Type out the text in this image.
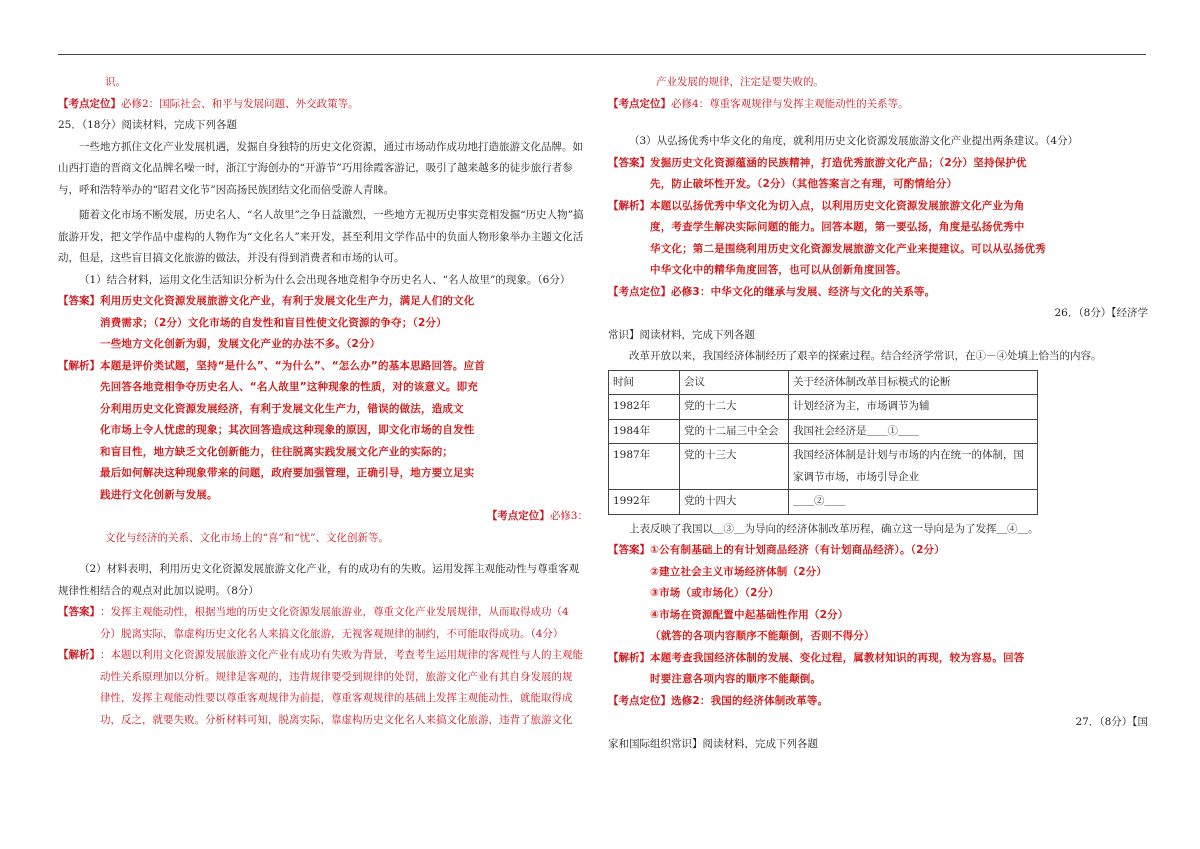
识。

【考点定位】必修2：国际社会、和平与发展问题、外交政策等。

25．（18分）阅读材料，完成下列各题

一些地方抓住文化产业发展机遇，发掘自身独特的历史文化资源，通过市场动作成功地打造旅游文化品牌。如山西打造的晋商文化品牌名噪一时，浙江宁海创办的“开游节”巧用徐霞客游记，吸引了越来越多的徒步旅行者参与，呼和浩特举办的“昭君文化节”因高扬民族团结文化而倍受游人青睐。

随着文化市场不断发展，历史名人、“名人故里”之争日益激烈，一些地方无视历史事实竞相发掘“历史人物”搞旅游开发，把文学作品中虚构的人物作为“文化名人”来开发，甚至利用文学作品中的负面人物形象举办主题文化活动，但是，这些盲目搞文化旅游的做法，并没有得到消费者和市场的认可。

（1）结合材料，运用文化生活知识分析为什么会出现各地竞相争夺历史名人、“名人故里”的现象。（6分）

【答案】 利用历史文化资源发展旅游文化产业，有利于发展文化生产力，满足人们的文化

消费需求；（2分）文化市场的自发性和盲目性使文化资源的争夺；（2分）

一些地方文化创新为弱，发展文化产业的办法不多。（2分）

【解析】 本题是评价类试题，坚持“是什么”、“为什么”、“怎么办”的基本思路回答。应首

先回答各地竞相争夺历史名人、“名人故里”这种现象的性质，对的该意义。即充

分利用历史文化资源发展经济，有利于发展文化生产力，错误的做法，造成文

化市场上令人忧虑的现象；其次回答造成这种现象的原因，即文化市场的自发性

和盲目性，地方缺乏文化创新能力，往往脱离实践发展文化产业的实际的；

最后如何解决这种现象带来的问题，政府要加强管理，正确引导，地方要立足实

践进行文化创新与发展。

【考点定位】必修3：

文化与经济的关系、文化市场上的“喜”和“忧”、文化创新等。

（2）材料表明，利用历史文化资源发展旅游文化产业，有的成功有的失败。运用发挥主观能动性与尊重客观规律性相结合的观点对此加以说明。（8分）

【答案】 ：发挥主观能动性，根据当地的历史文化资源发展旅游业，尊重文化产业发展规律，从而取得成功（4

分）脱离实际，靠虚构历史文化名人来搞文化旅游，无视客观规律的制约，不可能取得成功。（4分）

【解析】 ：本题以利用文化资源发展旅游文化产业有成功有失败为背景，考查考生运用规律的客观性与人的主观能

动性关系原理加以分析。规律是客观的，违背规律要受到规律的处罚，旅游文化产业有其自身发展的规

律性，发挥主观能动性要以尊重客观规律为前提，尊重客观规律的基础上发挥主观能动性，就能取得成

功，反之，就要失败。分析材料可知，脱离实际，靠虚构历史文化名人来搞文化旅游，违背了旅游文化

产业发展的规律，注定是要失败的。

【考点定位】必修4：尊重客观规律与发挥主观能动性的关系等。

（3）从弘扬优秀中华文化的角度，就利用历史文化资源发展旅游文化产业提出两条建议。（4分）

【答案】 发掘历史文化资源蕴涵的民族精神，打造优秀旅游文化产品；（2分）坚持保护优

先，防止破坏性开发。（2分）（其他答案言之有理，可酌情给分）

【解析】 本题以弘扬优秀中华文化为切入点，以利用历史文化资源发展旅游文化产业为角

度，考查学生解决实际问题的能力。回答本题，第一要弘扬，角度是弘扬优秀中

华文化；第二是围绕利用历史文化资源发展旅游文化产业来提建议。可以从弘扬优秀

中华文化中的精华角度回答，也可以从创新角度回答。

【考点定位】必修3：中华文化的继承与发展、经济与文化的关系等。

26．（8分）【经济学

常识】阅读材料，完成下列各题

改革开放以来，我国经济体制经历了艰辛的探索过程。结合经济学常识，在①－④处填上恰当的内容。

时间	会议	关于经济体制改革目标模式的论断
1982年	党的十二大	计划经济为主，市场调节为辅
1984年	党的十二届三中全会	我国社会经济是＿＿①＿＿
1987年	党的十三大	我国经济体制是计划与市场的内在统一的体制，国家调节市场，市场引导企业
1992年	党的十四大	＿＿②＿＿

上表反映了我国以＿③＿为导向的经济体制改革历程，确立这一导向是为了发挥＿④＿。

【答案】 ①公有制基础上的有计划商品经济（有计划商品经济）。（2分）

②建立社会主义市场经济体制（2分）

③市场（或市场化）（2分）

④市场在资源配置中起基础性作用（2分）

（就答的各项内容顺序不能颠倒，否则不得分）

【解析】 本题考查我国经济体制的发展、变化过程，属教材知识的再现，较为容易。回答

时要注意各项内容的顺序不能颠倒。

【考点定位】选修2：我国的经济体制改革等。

27．（8分）【国

家和国际组织常识】阅读材料，完成下列各题
